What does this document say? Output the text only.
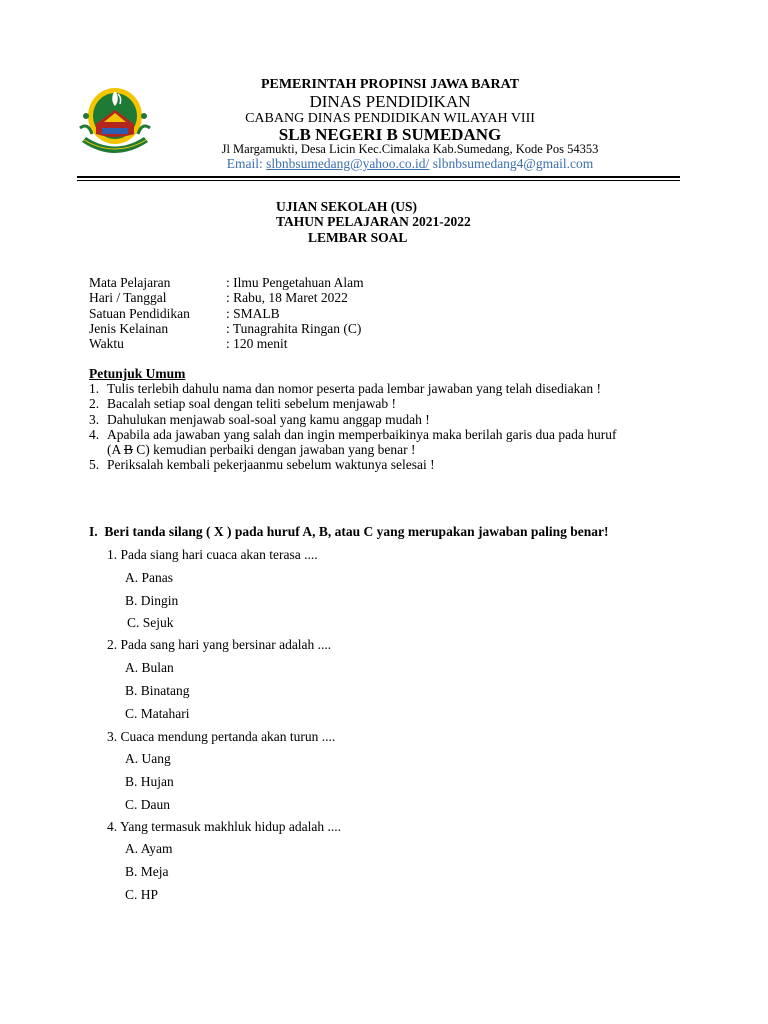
PEMERINTAH PROPINSI JAWA BARAT
DINAS PENDIDIKAN
CABANG DINAS PENDIDIKAN WILAYAH VIII
SLB NEGERI B SUMEDANG
Jl Margamukti, Desa Licin Kec.Cimalaka Kab.Sumedang, Kode Pos 54353
Email: slbnbsumedang@yahoo.co.id/ slbnbsumedang4@gmail.com
UJIAN SEKOLAH (US)
TAHUN PELAJARAN 2021-2022
LEMBAR SOAL
Mata Pelajaran	: Ilmu Pengetahuan Alam
Hari / Tanggal	: Rabu, 18 Maret 2022
Satuan Pendidikan	: SMALB
Jenis Kelainan	: Tunagrahita Ringan (C)
Waktu	: 120 menit
Petunjuk Umum
1. Tulis terlebih dahulu nama dan nomor peserta pada lembar jawaban yang telah disediakan !
2. Bacalah setiap soal dengan teliti sebelum menjawab !
3. Dahulukan menjawab soal-soal yang kamu anggap mudah !
4. Apabila ada jawaban yang salah dan ingin memperbaikinya maka berilah garis dua pada huruf
(A B C) kemudian perbaiki dengan jawaban yang benar !
5. Periksalah kembali pekerjaanmu sebelum waktunya selesai !
I. Beri tanda silang ( X ) pada huruf A, B, atau C yang merupakan jawaban paling benar!
1. Pada siang hari cuaca akan terasa ....
A. Panas
B. Dingin
C. Sejuk
2. Pada sang hari yang bersinar adalah ....
A. Bulan
B. Binatang
C. Matahari
3. Cuaca mendung pertanda akan turun ....
A. Uang
B. Hujan
C. Daun
4. Yang termasuk makhluk hidup adalah ....
A. Ayam
B. Meja
C. HP
